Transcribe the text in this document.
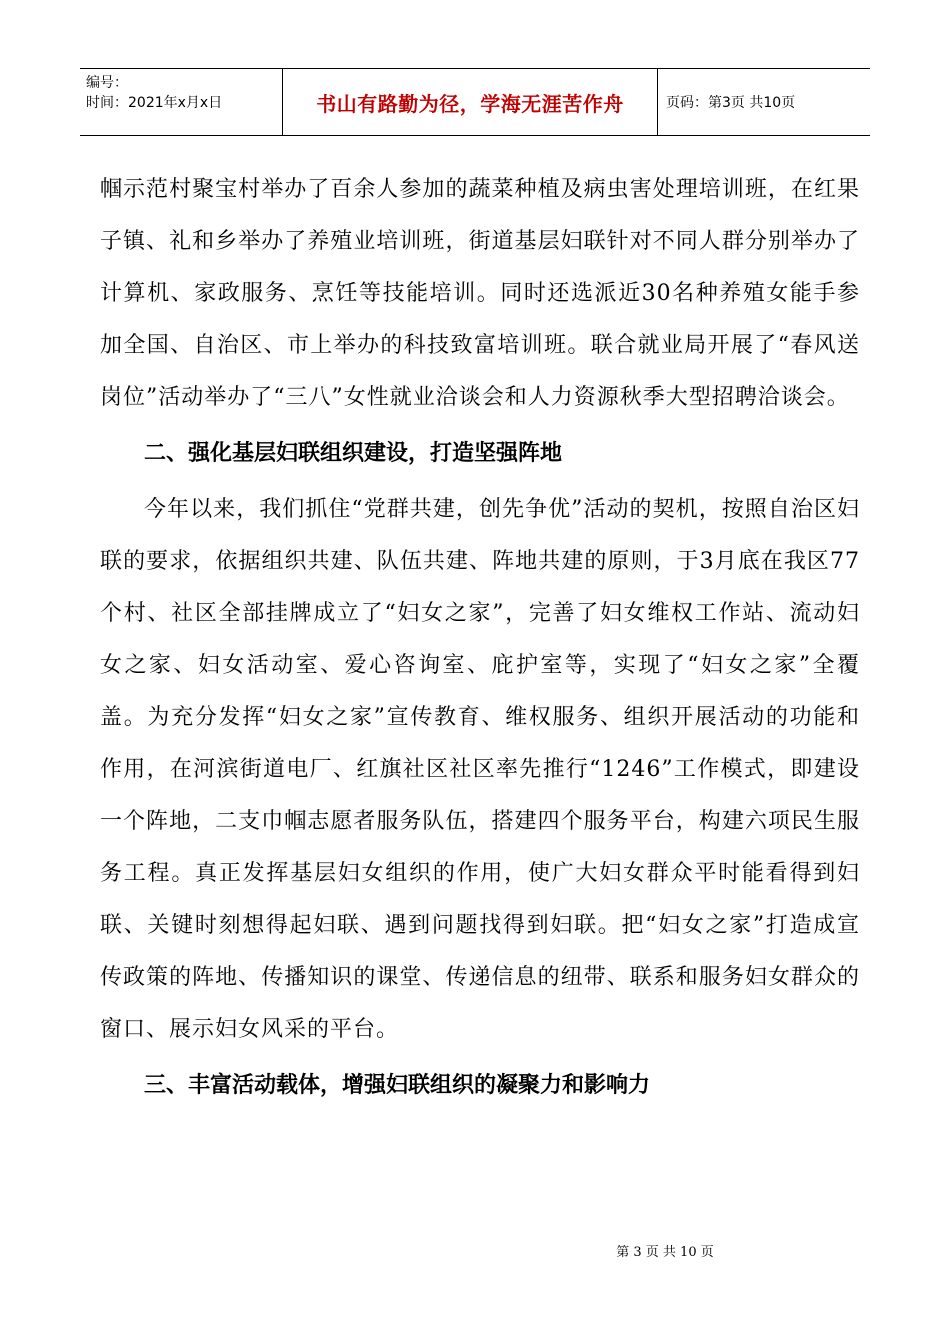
编号：
时间：2021年x月x日	书山有路勤为径，学海无涯苦作舟	页码：第3页 共10页

帼示范村聚宝村举办了百余人参加的蔬菜种植及病虫害处理培训班，在红果子镇、礼和乡举办了养殖业培训班，街道基层妇联针对不同人群分别举办了计算机、家政服务、烹饪等技能培训。同时还选派近30名种养殖女能手参加全国、自治区、市上举办的科技致富培训班。联合就业局开展了“春风送岗位”活动举办了“三八”女性就业洽谈会和人力资源秋季大型招聘洽谈会。

二、强化基层妇联组织建设，打造坚强阵地

今年以来，我们抓住“党群共建，创先争优”活动的契机，按照自治区妇联的要求，依据组织共建、队伍共建、阵地共建的原则，于3月底在我区77个村、社区全部挂牌成立了“妇女之家”，完善了妇女维权工作站、流动妇女之家、妇女活动室、爱心咨询室、庇护室等，实现了“妇女之家”全覆盖。为充分发挥“妇女之家”宣传教育、维权服务、组织开展活动的功能和作用，在河滨街道电厂、红旗社区社区率先推行“1246”工作模式，即建设一个阵地，二支巾帼志愿者服务队伍，搭建四个服务平台，构建六项民生服务工程。真正发挥基层妇女组织的作用，使广大妇女群众平时能看得到妇联、关键时刻想得起妇联、遇到问题找得到妇联。把“妇女之家”打造成宣传政策的阵地、传播知识的课堂、传递信息的纽带、联系和服务妇女群众的窗口、展示妇女风采的平台。

三、丰富活动载体，增强妇联组织的凝聚力和影响力
第 3 页 共 10 页
